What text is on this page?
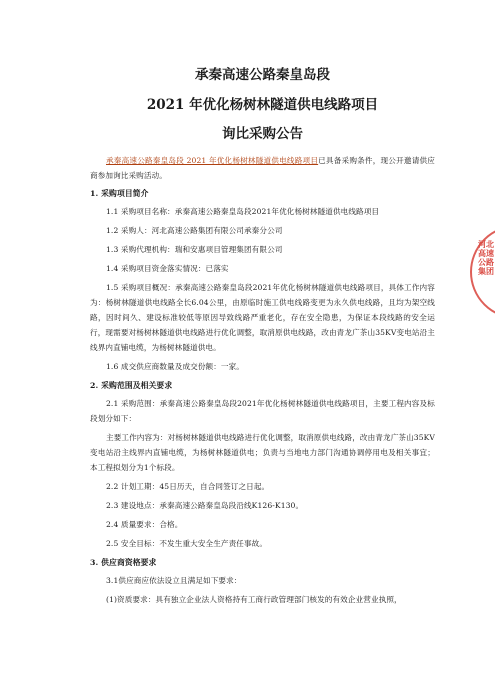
承秦高速公路秦皇岛段
2021 年优化杨树林隧道供电线路项目
询比采购公告

承秦高速公路秦皇岛段 2021 年优化杨树林隧道供电线路项目已具备采购条件，现公开邀请供应商参加询比采购活动。

1. 采购项目简介

1.1 采购项目名称：承秦高速公路秦皇岛段2021年优化杨树林隧道供电线路项目

1.2 采购人：河北高速公路集团有限公司承秦分公司

1.3 采购代理机构：瑞和安惠项目管理集团有限公司

1.4 采购项目资金落实情况：已落实

1.5 采购项目概况：承秦高速公路秦皇岛段2021年优化杨树林隧道供电线路项目，具体工作内容为：杨树林隧道供电线路全长6.04公里，由原临时施工供电线路变更为永久供电线路，且均为架空线路，因时间久、建设标准较低等原因导致线路严重老化，存在安全隐患，为保证本段线路的安全运行，现需要对杨树林隧道供电线路进行优化调整，取消原供电线路，改由青龙广茶山35KV变电站沿主线界内直铺电缆，为杨树林隧道供电。

1.6 成交供应商数量及成交份额：一家。

2. 采购范围及相关要求

2.1 采购范围：承秦高速公路秦皇岛段2021年优化杨树林隧道供电线路项目，主要工程内容及标段划分如下：

主要工作内容为：对杨树林隧道供电线路进行优化调整，取消原供电线路，改由青龙广茶山35KV变电站沿主线界内直铺电缆，为杨树林隧道供电；负责与当地电力部门沟通协调停用电及相关事宜；本工程拟划分为1个标段。

2.2 计划工期：45日历天，自合同签订之日起。

2.3 建设地点：承秦高速公路秦皇岛段沿线K126-K130。

2.4 质量要求：合格。

2.5 安全目标：不发生重大安全生产责任事故。

3. 供应商资格要求

3.1供应商应依法设立且满足如下要求：

(1)资质要求：具有独立企业法人资格持有工商行政管理部门核发的有效企业营业执照，

河北高速公路集团
